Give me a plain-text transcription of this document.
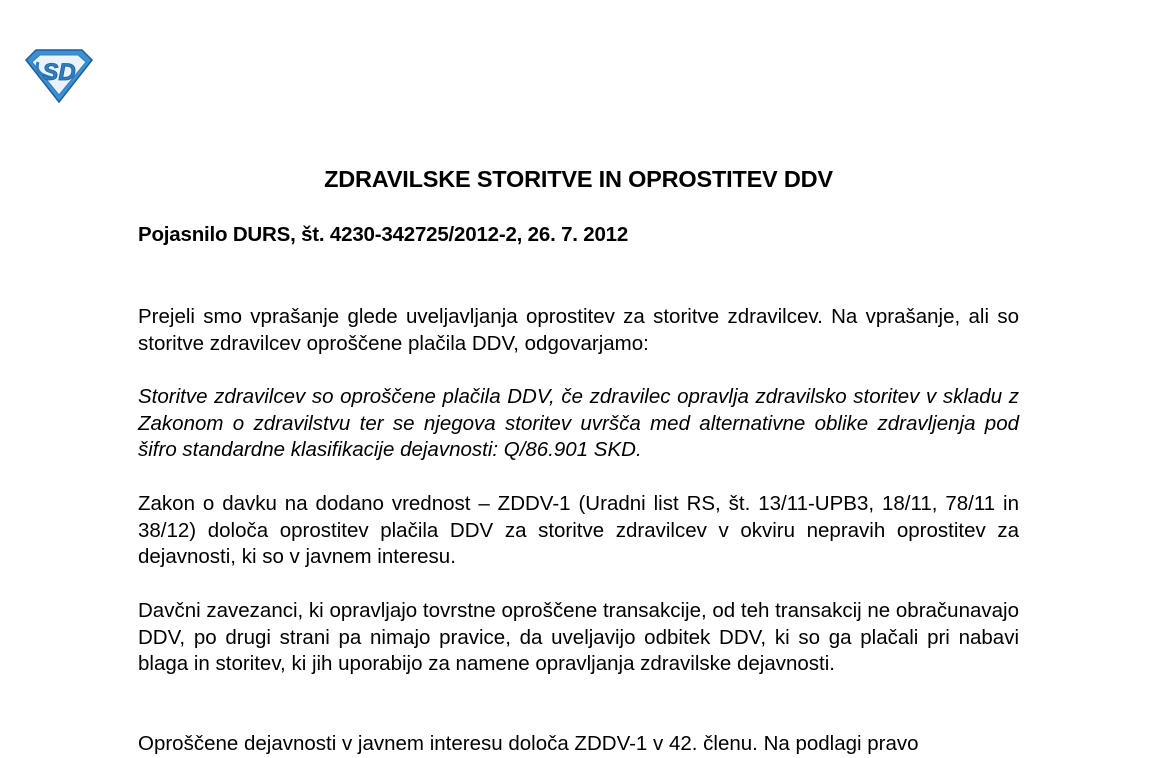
SD
ZDRAVILSKE STORITVE IN OPROSTITEV DDV
Pojasnilo DURS, št. 4230-342725/2012-2, 26. 7. 2012

Prejeli smo vprašanje glede uveljavljanja oprostitev za storitve zdravilcev. Na vprašanje, ali so storitve zdravilcev oproščene plačila DDV, odgovarjamo:

Storitve zdravilcev so oproščene plačila DDV, če zdravilec opravlja zdravilsko storitev v skladu z Zakonom o zdravilstvu ter se njegova storitev uvršča med alternativne oblike zdravljenja pod šifro standardne klasifikacije dejavnosti: Q/86.901 SKD.

Zakon o davku na dodano vrednost – ZDDV-1 (Uradni list RS, št. 13/11-UPB3, 18/11, 78/11 in 38/12) določa oprostitev plačila DDV za storitve zdravilcev v okviru nepravih oprostitev za dejavnosti, ki so v javnem interesu.

Davčni zavezanci, ki opravljajo tovrstne oproščene transakcije, od teh transakcij ne obračunavajo DDV, po drugi strani pa nimajo pravice, da uveljavijo odbitek DDV, ki so ga plačali pri nabavi blaga in storitev, ki jih uporabijo za namene opravljanja zdravilske dejavnosti.

Oproščene dejavnosti v javnem interesu določa ZDDV-1 v 42. členu. Na podlagi pravo
